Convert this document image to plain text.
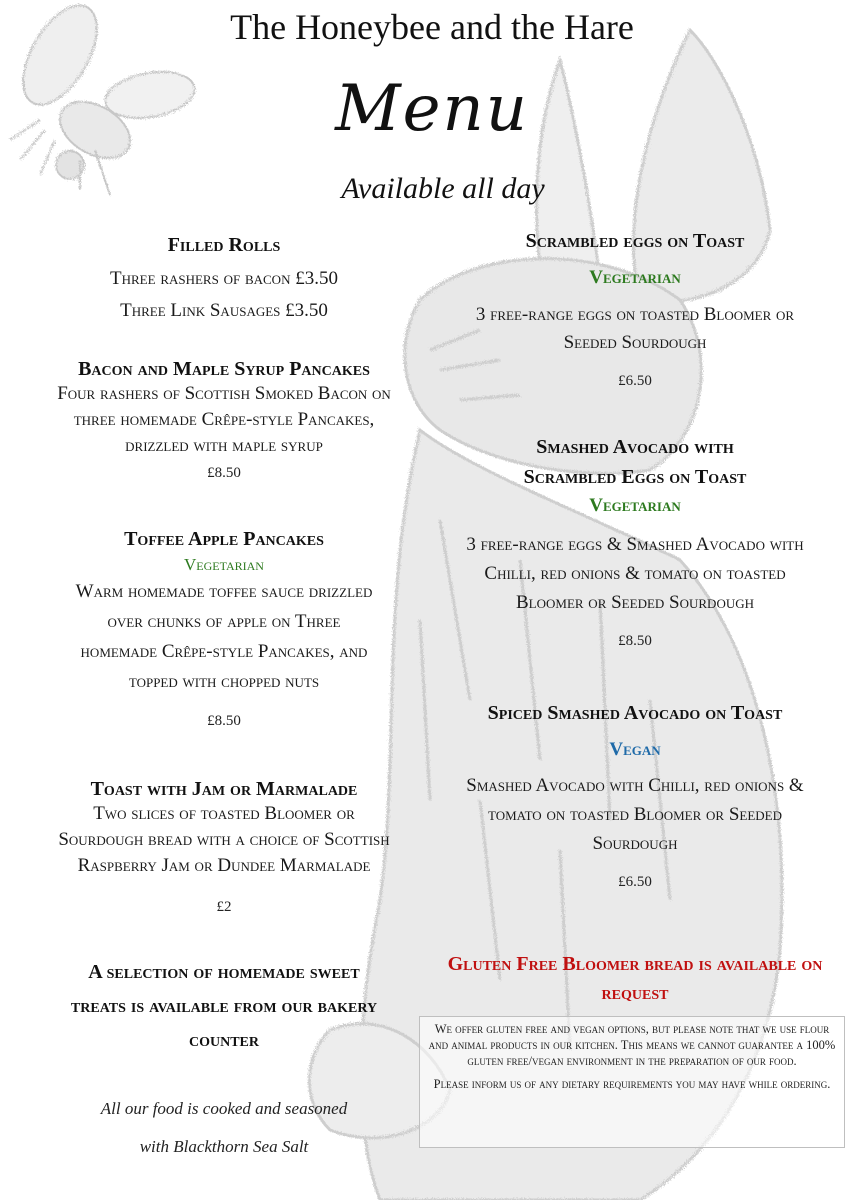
The Honeybee and the Hare
Menu
Available all day
Filled Rolls
Three rashers of bacon £3.50
Three Link Sausages £3.50
Bacon and Maple Syrup Pancakes
Four rashers of Scottish Smoked Bacon on
three homemade Crêpe-style Pancakes,
drizzled with maple syrup
£8.50
Toffee Apple Pancakes
Vegetarian
Warm homemade toffee sauce drizzled
over chunks of apple on Three
homemade Crêpe-style Pancakes, and
topped with chopped nuts
£8.50
Toast with Jam or Marmalade
Two slices of toasted Bloomer or
Sourdough bread with a choice of Scottish
Raspberry Jam or Dundee Marmalade
£2
A selection of homemade sweet
treats is available from our bakery
counter
All our food is cooked and seasoned
with Blackthorn Sea Salt
Scrambled eggs on Toast
Vegetarian
3 free-range eggs on toasted Bloomer or
Seeded Sourdough
£6.50
Smashed Avocado with
Scrambled Eggs on Toast
Vegetarian
3 free-range eggs & Smashed Avocado with
Chilli, red onions & tomato on toasted
Bloomer or Seeded Sourdough
£8.50
Spiced Smashed Avocado on Toast
Vegan
Smashed Avocado with Chilli, red onions &
tomato on toasted Bloomer or Seeded
Sourdough
£6.50
Gluten Free Bloomer bread is available on
request

We offer gluten free and vegan options, but please note that we use flour and animal products in our kitchen. This means we cannot guarantee a 100% gluten free/vegan environment in the preparation of our food.

Please inform us of any dietary requirements you may have while ordering.
